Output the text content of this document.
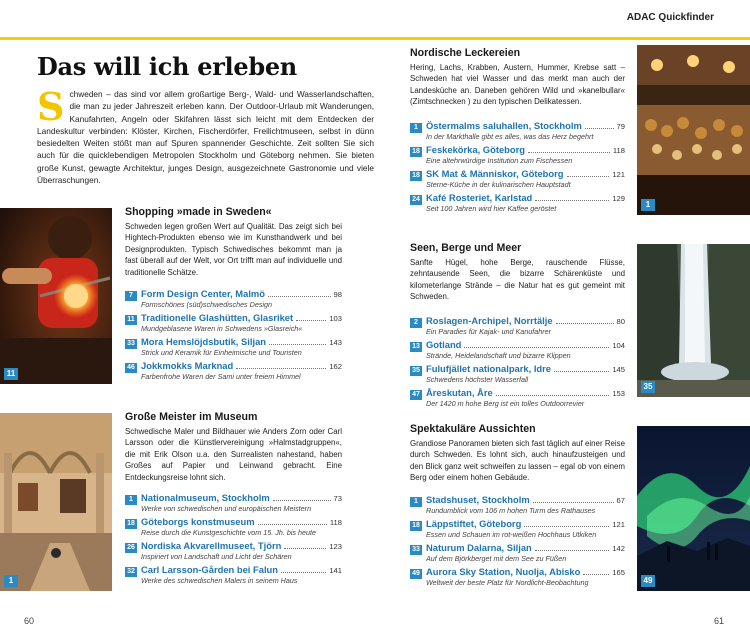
ADAC Quickfinder
Das will ich erleben
Schweden – das sind vor allem großartige Berg-, Wald- und Wasserlandschaften, die man zu jeder Jahreszeit erleben kann. Der Outdoor-Urlaub mit Wanderungen, Kanufahrten, Angeln oder Skifahren lässt sich leicht mit dem Entdecken der Landeskultur verbinden: Klöster, Kirchen, Fischerdörfer, Freilichtmuseen, selbst in dünn besiedelten Weiten stößt man auf Spuren spannender Geschichte. Zeit sollten Sie sich auch für die quicklebendigen Metropolen Stockholm und Göteborg nehmen. Sie bieten große Kunst, gewagte Architektur, junges Design, ausgezeichnete Gastronomie und viele Überraschungen.
11
1
1
35
49
Shopping »made in Sweden«
Schweden legen großen Wert auf Qualität. Das zeigt sich bei Hightech-Produkten ebenso wie im Kunsthandwerk und bei Designprodukten. Typisch Schwedisches bekommt man ja fast überall auf der Welt, vor Ort trifft man auf individuelle und traditionelle Schätze.
7 Form Design Center, Malmö	98
Formschönes (süd)schwedisches Design
11 Traditionelle Glashütten, Glasriket	103
Mundgeblasene Waren in Schwedens »Glasreich«
33 Mora Hemslöjdsbutik, Siljan	143
Strick und Keramik für Einheimische und Touristen
46 Jokkmokks Marknad	162
Farbenfrohe Waren der Sami unter freiem Himmel
Große Meister im Museum
Schwedische Maler und Bildhauer wie Anders Zorn oder Carl Larsson oder die Künstlervereinigung »Halmstadgruppen«, die mit Erik Olson u.a. den Surrealisten nahestand, haben Großes auf Papier und Leinwand gebracht. Eine Entdeckungsreise lohnt sich.
1 Nationalmuseum, Stockholm	73
Werke von schwedischen und europäischen Meistern
18 Göteborgs konstmuseum	118
Reise durch die Kunstgeschichte vom 15. Jh. bis heute
26 Nordiska Akvarellmuseet, Tjörn	123
Inspiriert von Landschaft und Licht der Schären
32 Carl Larsson-Gården bei Falun	141
Werke des schwedischen Malers in seinem Haus
Nordische Leckereien
Hering, Lachs, Krabben, Austern, Hummer, Krebse satt – Schweden hat viel Wasser und das merkt man auch der Landesküche an. Daneben gehören Wild und »kanelbullar« (Zimtschnecken ) zu den typischen Delikatessen.
1 Östermalms saluhallen, Stockholm	79
In der Markthalle gibt es alles, was das Herz begehrt
18 Feskekörka, Göteborg	118
Eine altehrwürdige Institution zum Fischessen
18 SK Mat & Människor, Göteborg	121
Sterne-Küche in der kulinarischen Hauptstadt
24 Kafé Rosteriet, Karlstad	129
Seit 100 Jahren wird hier Kaffee geröstet
Seen, Berge und Meer
Sanfte Hügel, hohe Berge, rauschende Flüsse, zehntausende Seen, die bizarre Schärenküste und kilometerlange Strände – die Natur hat es gut gemeint mit Schweden.
2 Roslagen-Archipel, Norrtälje	80
Ein Paradies für Kajak- und Kanufahrer
13 Gotland	104
Strände, Heidelandschaft und bizarre Klippen
35 Fulufjället nationalpark, Idre	145
Schwedens höchster Wasserfall
47 Åreskutan, Åre	153
Der 1420 m hohe Berg ist ein tolles Outdoorrevier
Spektakuläre Aussichten
Grandiose Panoramen bieten sich fast täglich auf einer Reise durch Schweden. Es lohnt sich, auch hinaufzusteigen und den Blick ganz weit schweifen zu lassen – egal ob von einem Berg oder einem hohen Gebäude.
1 Stadshuset, Stockholm	67
Rundumblick vom 106 m hohen Turm des Rathauses
18 Läppstiftet, Göteborg	121
Essen und Schauen im rot-weißen Hochhaus Utkiken
33 Naturum Dalarna, Siljan	142
Auf dem Björkberget mit dem See zu Füßen
49 Aurora Sky Station, Nuolja, Abisko	165
Weltweit der beste Platz für Nordlicht-Beobachtung
60	61
